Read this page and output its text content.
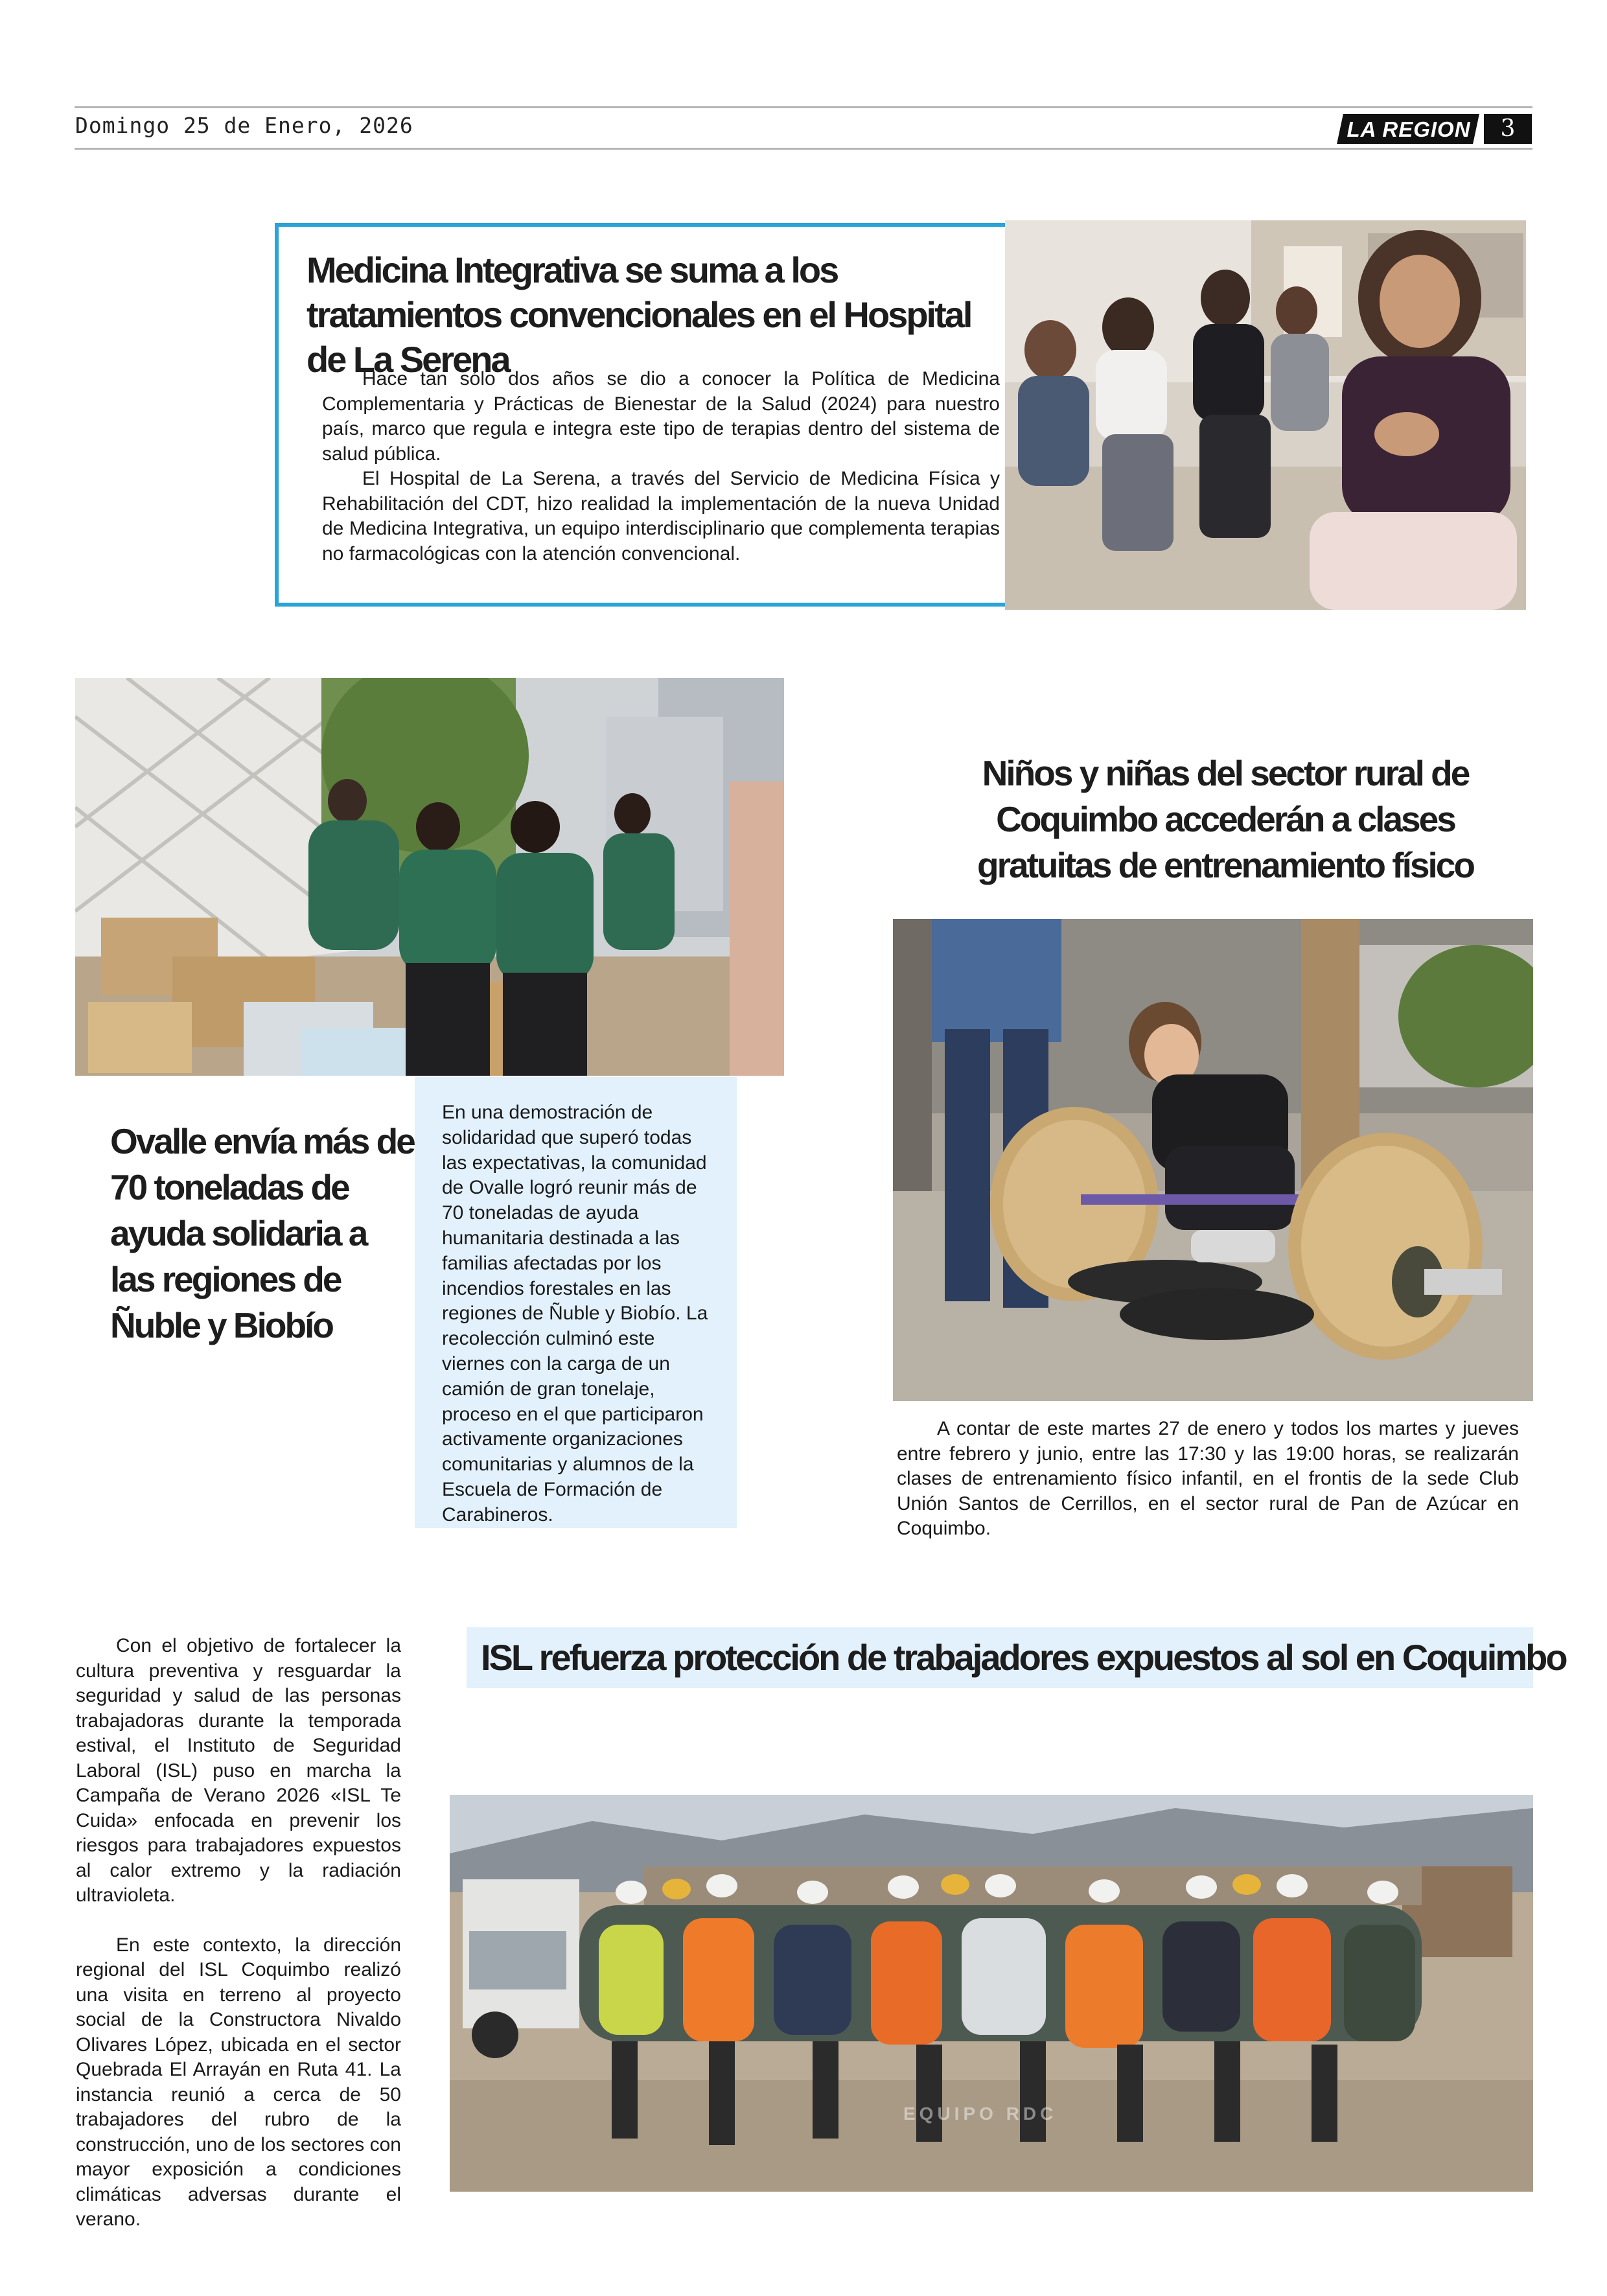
Domingo 25 de Enero, 2026	LA REGION	3
Medicina Integrativa se suma a los tratamientos convencionales en el Hospital de La Serena

Hace tan sólo dos años se dio a conocer la Política de Medicina Complementaria y Prácticas de Bienestar de la Salud (2024) para nuestro país, marco que regula e integra este tipo de terapias dentro del sistema de salud pública.

El Hospital de La Serena, a través del Servicio de Medicina Física y Rehabilitación del CDT, hizo realidad la implementación de la nueva Unidad de Medicina Integrativa, un equipo interdisciplinario que complementa terapias no farmacológicas con la atención convencional.

Ovalle envía más de 70 toneladas de ayuda solidaria a las regiones de Ñuble y Biobío
En una demostración de solidaridad que superó todas las expectativas, la comunidad de Ovalle logró reunir más de 70 toneladas de ayuda humanitaria destinada a las familias afectadas por los incendios forestales en las regiones de Ñuble y Biobío. La recolección culminó este viernes con la carga de un camión de gran tonelaje, proceso en el que participaron activamente organizaciones comunitarias y alumnos de la Escuela de Formación de Carabineros.
Niños y niñas del sector rural de Coquimbo accederán a clases gratuitas de entrenamiento físico
A contar de este martes 27 de enero y todos los martes y jueves entre febrero y junio, entre las 17:30 y las 19:00 horas, se realizarán clases de entrenamiento físico infantil, en el frontis de la sede Club Unión Santos de Cerrillos, en el sector rural de Pan de Azúcar en Coquimbo.

Con el objetivo de fortalecer la cultura preventiva y resguardar la seguridad y salud de las personas trabajadoras durante la temporada estival, el Instituto de Seguridad Laboral (ISL) puso en marcha la Campaña de Verano 2026 «ISL Te Cuida» enfocada en prevenir los riesgos para trabajadores expuestos al calor extremo y la radiación ultravioleta.

En este contexto, la dirección regional del ISL Coquimbo realizó una visita en terreno al proyecto social de la Constructora Nivaldo Olivares López, ubicada en el sector Quebrada El Arrayán en Ruta 41. La instancia reunió a cerca de 50 trabajadores del rubro de la construcción, uno de los sectores con mayor exposición a condiciones climáticas adversas durante el verano.

ISL refuerza protección de trabajadores expuestos al sol en Coquimbo
EQUIPO RDC
